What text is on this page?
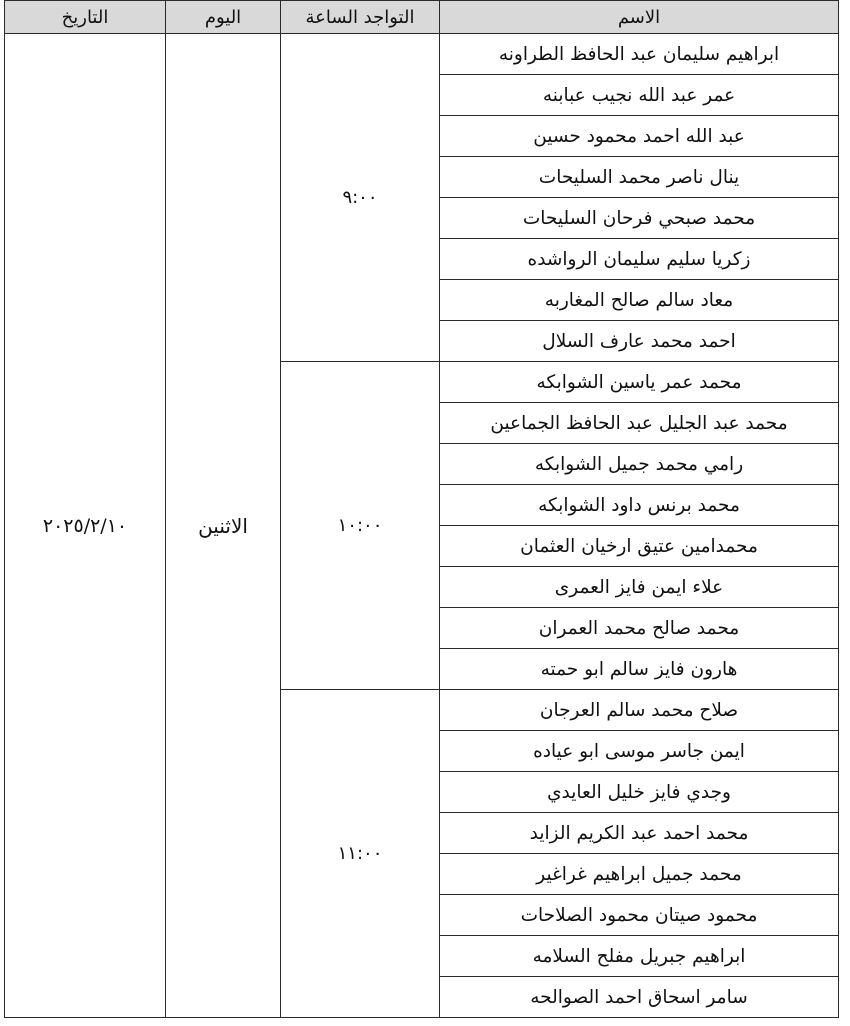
الاسم	التواجد الساعة	اليوم	التاريخ
ابراهيم سليمان عبد الحافظ الطراونه	٩:٠٠	الاثنين	٢٠٢٥/٢/١٠
عمر عبد الله نجيب عبابنه			
عبد الله احمد محمود حسين			
ينال ناصر محمد السليحات			
محمد صبحي فرحان السليحات			
زكريا سليم سليمان الرواشده			
معاد سالم صالح المغاربه			
احمد محمد عارف السلال			
محمد عمر ياسين الشوابكه	١٠:٠٠		
محمد عبد الجليل عبد الحافظ الجماعين			
رامي محمد جميل الشوابكه			
محمد برنس داود الشوابكه			
محمدامين عتيق ارخيان العثمان			
علاء ايمن فايز العمرى			
محمد صالح محمد العمران			
هارون فايز سالم ابو حمته			
صلاح محمد سالم العرجان	١١:٠٠		
ايمن جاسر موسى ابو عياده			
وجدي فايز خليل العايدي			
محمد احمد عبد الكريم الزايد			
محمد جميل ابراهيم غراغير			
محمود صيتان محمود الصلاحات			
ابراهيم جبريل مفلح السلامه			
سامر اسحاق احمد الصوالحه			
